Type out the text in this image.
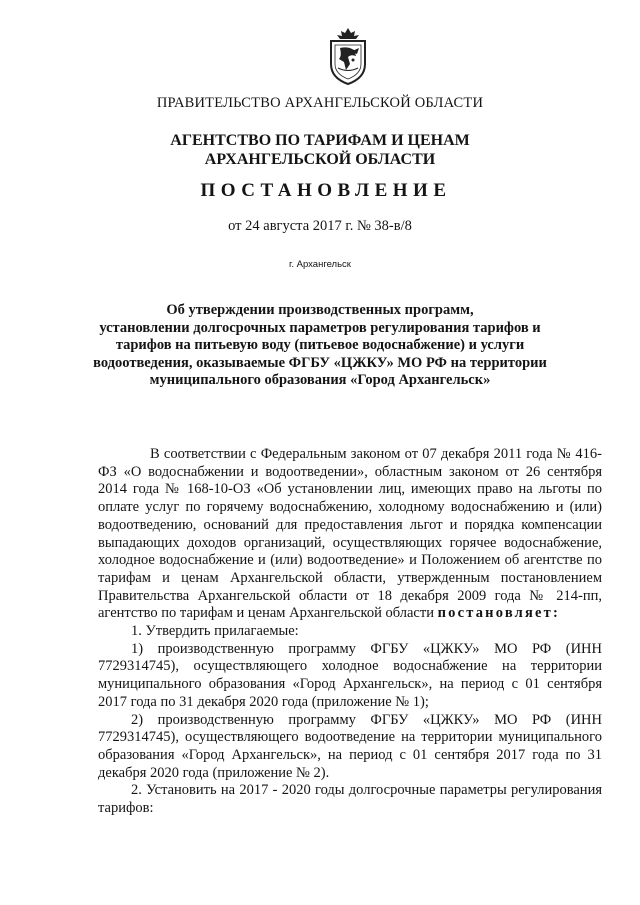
ПРАВИТЕЛЬСТВО АРХАНГЕЛЬСКОЙ ОБЛАСТИ
АГЕНТСТВО ПО ТАРИФАМ И ЦЕНАМ
АРХАНГЕЛЬСКОЙ ОБЛАСТИ
ПОСТАНОВЛЕНИЕ
от 24 августа 2017 г. № 38-в/8
г. Архангельск
Об утверждении производственных программ,
установлении долгосрочных параметров регулирования тарифов и
тарифов на питьевую воду (питьевое водоснабжение) и услуги
водоотведения, оказываемые ФГБУ «ЦЖКУ» МО РФ на территории
муниципального образования «Город Архангельск»

В соответствии с Федеральным законом от 07 декабря 2011 года № 416-ФЗ «О водоснабжении и водоотведении», областным законом от 26 сентября 2014 года № 168-10-ОЗ «Об установлении лиц, имеющих право на льготы по оплате услуг по горячему водоснабжению, холодному водоснабжению и (или) водоотведению, оснований для предоставления льгот и порядка компенсации выпадающих доходов организаций, осуществляющих горячее водоснабжение, холодное водоснабжение и (или) водоотведение» и Положением об агентстве по тарифам и ценам Архангельской области, утвержденным постановлением Правительства Архангельской области от 18 декабря 2009 года № 214-пп, агентство по тарифам и ценам Архангельской области постановляет:

1. Утвердить прилагаемые:

1) производственную программу ФГБУ «ЦЖКУ» МО РФ (ИНН 7729314745), осуществляющего холодное водоснабжение на территории муниципального образования «Город Архангельск», на период с 01 сентября 2017 года по 31 декабря 2020 года (приложение № 1);

2) производственную программу ФГБУ «ЦЖКУ» МО РФ (ИНН 7729314745), осуществляющего водоотведение на территории муниципального образования «Город Архангельск», на период с 01 сентября 2017 года по 31 декабря 2020 года (приложение № 2).

2. Установить на 2017 - 2020 годы долгосрочные параметры регулирования тарифов:
